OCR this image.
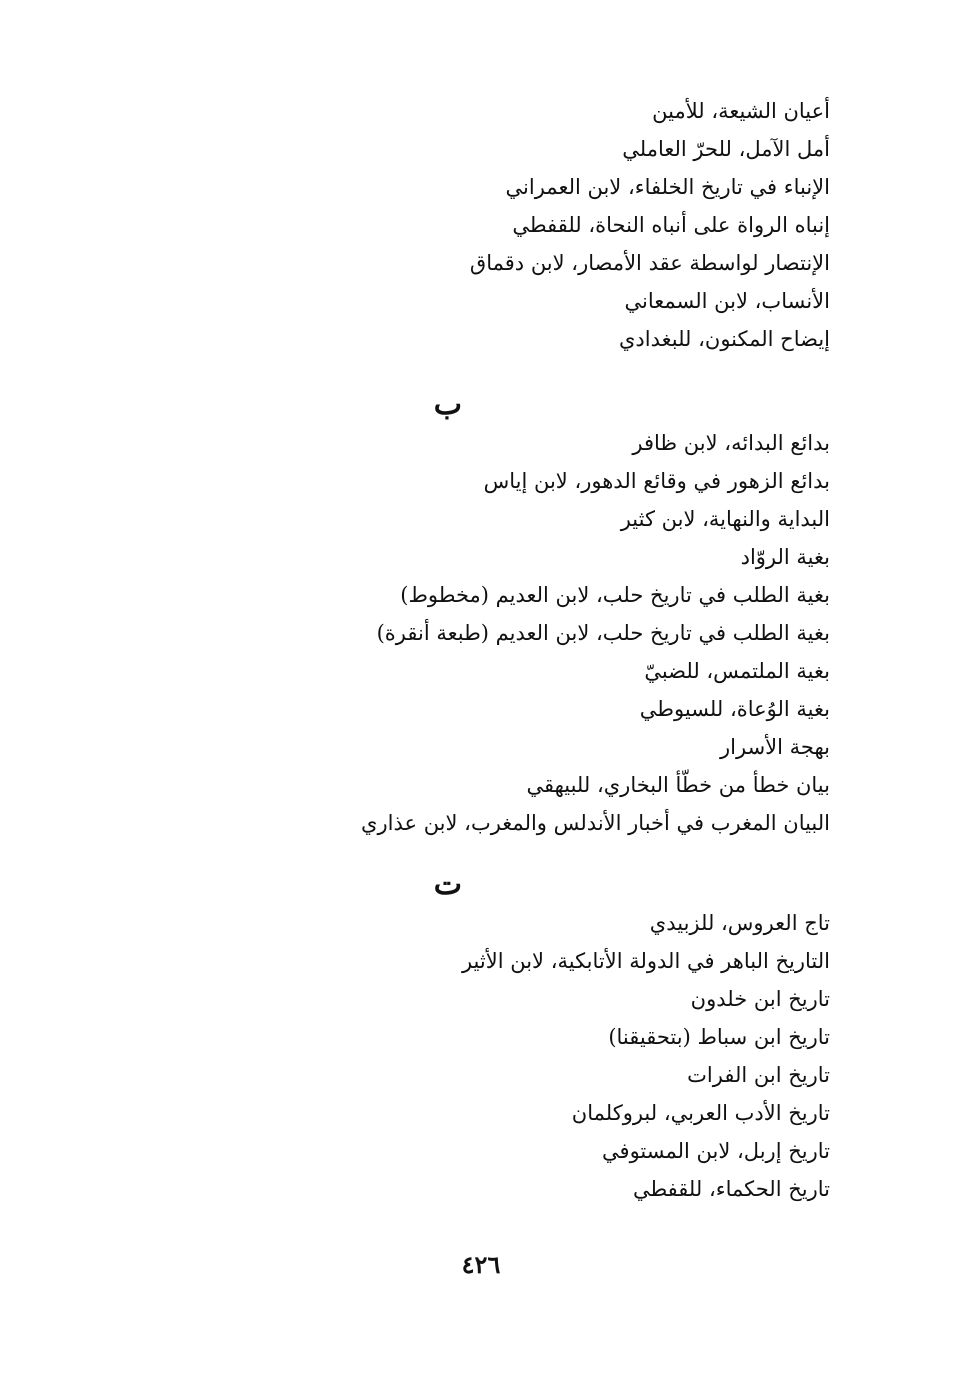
أعيان الشيعة، للأمين
أمل الآمل، للحرّ العاملي
الإنباء في تاريخ الخلفاء، لابن العمراني
إنباه الرواة على أنباه النحاة، للقفطي
الإنتصار لواسطة عقد الأمصار، لابن دقماق
الأنساب، لابن السمعاني
إيضاح المكنون، للبغدادي
ب
بدائع البدائه، لابن ظافر
بدائع الزهور في وقائع الدهور، لابن إياس
البداية والنهاية، لابن كثير
بغية الروّاد
بغية الطلب في تاريخ حلب، لابن العديم (مخطوط)
بغية الطلب في تاريخ حلب، لابن العديم (طبعة أنقرة)
بغية الملتمس، للضبيّ
بغية الوُعاة، للسيوطي
بهجة الأسرار
بيان خطأ من خطّأ البخاري، للبيهقي
البيان المغرب في أخبار الأندلس والمغرب، لابن عذاري
ت
تاج العروس، للزبيدي
التاريخ الباهر في الدولة الأتابكية، لابن الأثير
تاريخ ابن خلدون
تاريخ ابن سباط (بتحقيقنا)
تاريخ ابن الفرات
تاريخ الأدب العربي، لبروكلمان
تاريخ إربل، لابن المستوفي
تاريخ الحكماء، للقفطي
٤٢٦
